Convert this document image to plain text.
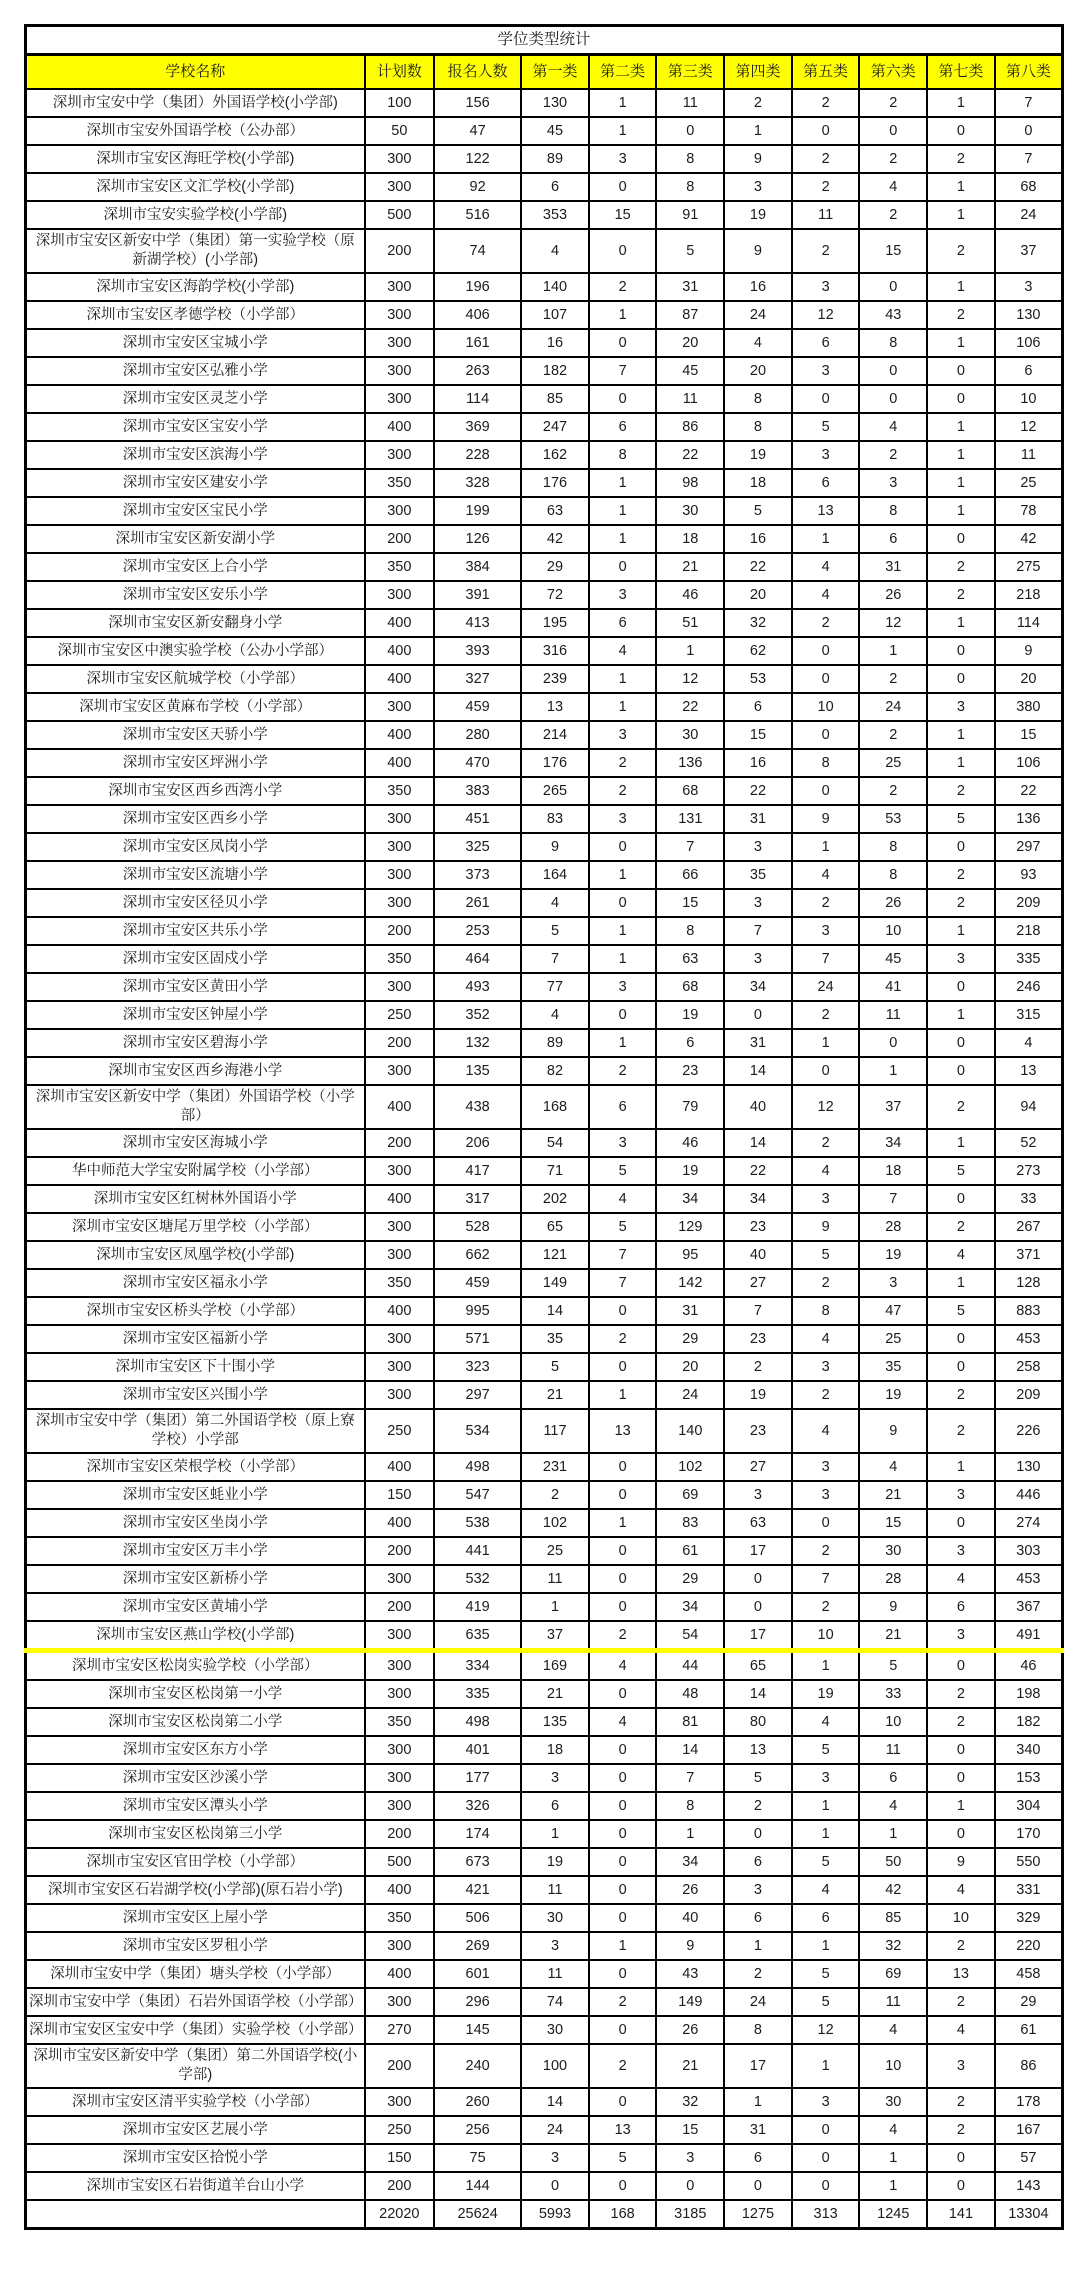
学位类型统计
学校名称	计划数	报名人数	第一类	第二类	第三类	第四类	第五类	第六类	第七类	第八类
深圳市宝安中学（集团）外国语学校(小学部)	100	156	130	1	11	2	2	2	1	7
深圳市宝安外国语学校（公办部）	50	47	45	1	0	1	0	0	0	0
深圳市宝安区海旺学校(小学部)	300	122	89	3	8	9	2	2	2	7
深圳市宝安区文汇学校(小学部)	300	92	6	0	8	3	2	4	1	68
深圳市宝安实验学校(小学部)	500	516	353	15	91	19	11	2	1	24
深圳市宝安区新安中学（集团）第一实验学校（原新湖学校）(小学部)	200	74	4	0	5	9	2	15	2	37
深圳市宝安区海韵学校(小学部)	300	196	140	2	31	16	3	0	1	3
深圳市宝安区孝德学校（小学部）	300	406	107	1	87	24	12	43	2	130
深圳市宝安区宝城小学	300	161	16	0	20	4	6	8	1	106
深圳市宝安区弘雅小学	300	263	182	7	45	20	3	0	0	6
深圳市宝安区灵芝小学	300	114	85	0	11	8	0	0	0	10
深圳市宝安区宝安小学	400	369	247	6	86	8	5	4	1	12
深圳市宝安区滨海小学	300	228	162	8	22	19	3	2	1	11
深圳市宝安区建安小学	350	328	176	1	98	18	6	3	1	25
深圳市宝安区宝民小学	300	199	63	1	30	5	13	8	1	78
深圳市宝安区新安湖小学	200	126	42	1	18	16	1	6	0	42
深圳市宝安区上合小学	350	384	29	0	21	22	4	31	2	275
深圳市宝安区安乐小学	300	391	72	3	46	20	4	26	2	218
深圳市宝安区新安翻身小学	400	413	195	6	51	32	2	12	1	114
深圳市宝安区中澳实验学校（公办小学部）	400	393	316	4	1	62	0	1	0	9
深圳市宝安区航城学校（小学部）	400	327	239	1	12	53	0	2	0	20
深圳市宝安区黄麻布学校（小学部）	300	459	13	1	22	6	10	24	3	380
深圳市宝安区天骄小学	400	280	214	3	30	15	0	2	1	15
深圳市宝安区坪洲小学	400	470	176	2	136	16	8	25	1	106
深圳市宝安区西乡西湾小学	350	383	265	2	68	22	0	2	2	22
深圳市宝安区西乡小学	300	451	83	3	131	31	9	53	5	136
深圳市宝安区凤岗小学	300	325	9	0	7	3	1	8	0	297
深圳市宝安区流塘小学	300	373	164	1	66	35	4	8	2	93
深圳市宝安区径贝小学	300	261	4	0	15	3	2	26	2	209
深圳市宝安区共乐小学	200	253	5	1	8	7	3	10	1	218
深圳市宝安区固戍小学	350	464	7	1	63	3	7	45	3	335
深圳市宝安区黄田小学	300	493	77	3	68	34	24	41	0	246
深圳市宝安区钟屋小学	250	352	4	0	19	0	2	11	1	315
深圳市宝安区碧海小学	200	132	89	1	6	31	1	0	0	4
深圳市宝安区西乡海港小学	300	135	82	2	23	14	0	1	0	13
深圳市宝安区新安中学（集团）外国语学校（小学部）	400	438	168	6	79	40	12	37	2	94
深圳市宝安区海城小学	200	206	54	3	46	14	2	34	1	52
华中师范大学宝安附属学校（小学部）	300	417	71	5	19	22	4	18	5	273
深圳市宝安区红树林外国语小学	400	317	202	4	34	34	3	7	0	33
深圳市宝安区塘尾万里学校（小学部）	300	528	65	5	129	23	9	28	2	267
深圳市宝安区凤凰学校(小学部)	300	662	121	7	95	40	5	19	4	371
深圳市宝安区福永小学	350	459	149	7	142	27	2	3	1	128
深圳市宝安区桥头学校（小学部）	400	995	14	0	31	7	8	47	5	883
深圳市宝安区福新小学	300	571	35	2	29	23	4	25	0	453
深圳市宝安区下十围小学	300	323	5	0	20	2	3	35	0	258
深圳市宝安区兴围小学	300	297	21	1	24	19	2	19	2	209
深圳市宝安中学（集团）第二外国语学校（原上寮学校）小学部	250	534	117	13	140	23	4	9	2	226
深圳市宝安区荣根学校（小学部）	400	498	231	0	102	27	3	4	1	130
深圳市宝安区蚝业小学	150	547	2	0	69	3	3	21	3	446
深圳市宝安区坐岗小学	400	538	102	1	83	63	0	15	0	274
深圳市宝安区万丰小学	200	441	25	0	61	17	2	30	3	303
深圳市宝安区新桥小学	300	532	11	0	29	0	7	28	4	453
深圳市宝安区黄埔小学	200	419	1	0	34	0	2	9	6	367
深圳市宝安区燕山学校(小学部)	300	635	37	2	54	17	10	21	3	491
深圳市宝安区松岗实验学校（小学部）	300	334	169	4	44	65	1	5	0	46
深圳市宝安区松岗第一小学	300	335	21	0	48	14	19	33	2	198
深圳市宝安区松岗第二小学	350	498	135	4	81	80	4	10	2	182
深圳市宝安区东方小学	300	401	18	0	14	13	5	11	0	340
深圳市宝安区沙溪小学	300	177	3	0	7	5	3	6	0	153
深圳市宝安区潭头小学	300	326	6	0	8	2	1	4	1	304
深圳市宝安区松岗第三小学	200	174	1	0	1	0	1	1	0	170
深圳市宝安区官田学校（小学部）	500	673	19	0	34	6	5	50	9	550
深圳市宝安区石岩湖学校(小学部)(原石岩小学)	400	421	11	0	26	3	4	42	4	331
深圳市宝安区上屋小学	350	506	30	0	40	6	6	85	10	329
深圳市宝安区罗租小学	300	269	3	1	9	1	1	32	2	220
深圳市宝安中学（集团）塘头学校（小学部）	400	601	11	0	43	2	5	69	13	458
深圳市宝安中学（集团）石岩外国语学校（小学部）	300	296	74	2	149	24	5	11	2	29
深圳市宝安区宝安中学（集团）实验学校（小学部）	270	145	30	0	26	8	12	4	4	61
深圳市宝安区新安中学（集团）第二外国语学校(小学部)	200	240	100	2	21	17	1	10	3	86
深圳市宝安区清平实验学校（小学部）	300	260	14	0	32	1	3	30	2	178
深圳市宝安区艺展小学	250	256	24	13	15	31	0	4	2	167
深圳市宝安区拾悦小学	150	75	3	5	3	6	0	1	0	57
深圳市宝安区石岩街道羊台山小学	200	144	0	0	0	0	0	1	0	143
	22020	25624	5993	168	3185	1275	313	1245	141	13304
